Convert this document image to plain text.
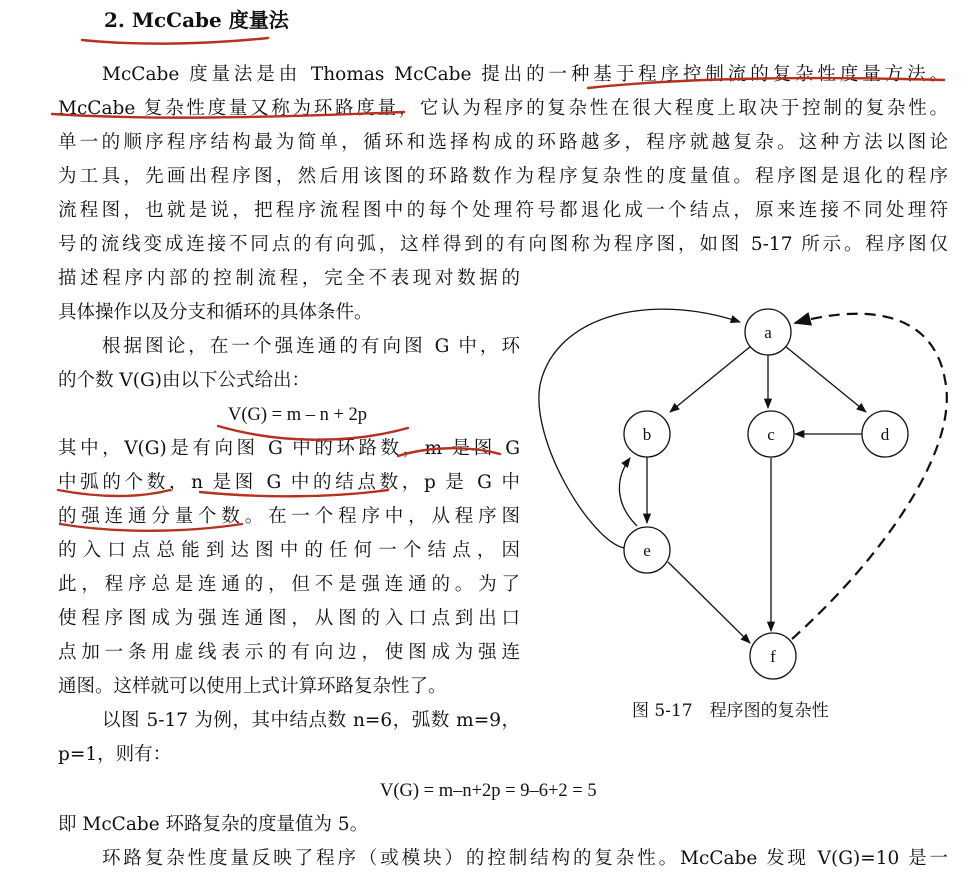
2. McCabe 度量法
McCabe 度量法是由 Thomas McCabe 提出的一种基于程序控制流的复杂性度量方法。
McCabe 复杂性度量又称为环路度量，它认为程序的复杂性在很大程度上取决于控制的复杂性。
单一的顺序程序结构最为简单，循环和选择构成的环路越多，程序就越复杂。这种方法以图论
为工具，先画出程序图，然后用该图的环路数作为程序复杂性的度量值。程序图是退化的程序
流程图，也就是说，把程序流程图中的每个处理符号都退化成一个结点，原来连接不同处理符
号的流线变成连接不同点的有向弧，这样得到的有向图称为程序图，如图 5-17 所示。程序图仅
描述程序内部的控制流程，完全不表现对数据的
具体操作以及分支和循环的具体条件。
根据图论，在一个强连通的有向图 G 中，环
的个数 V(G)由以下公式给出：
V(G) = m – n + 2p
其中，V(G)是有向图 G 中的环路数，m 是图 G
中弧的个数，n 是图 G 中的结点数，p 是 G 中
的强连通分量个数。在一个程序中，从程序图
的入口点总能到达图中的任何一个结点，因
此，程序总是连通的，但不是强连通的。为了
使程序图成为强连通图，从图的入口点到出口
点加一条用虚线表示的有向边，使图成为强连
通图。这样就可以使用上式计算环路复杂性了。
以图 5-17 为例，其中结点数 n=6，弧数 m=9，
p=1，则有：
V(G) = m–n+2p = 9–6+2 = 5
即 McCabe 环路复杂的度量值为 5。
环路复杂性度量反映了程序（或模块）的控制结构的复杂性。McCabe 发现 V(G)=10 是一
a
b	c	d
e
f
图 5-17　程序图的复杂性
